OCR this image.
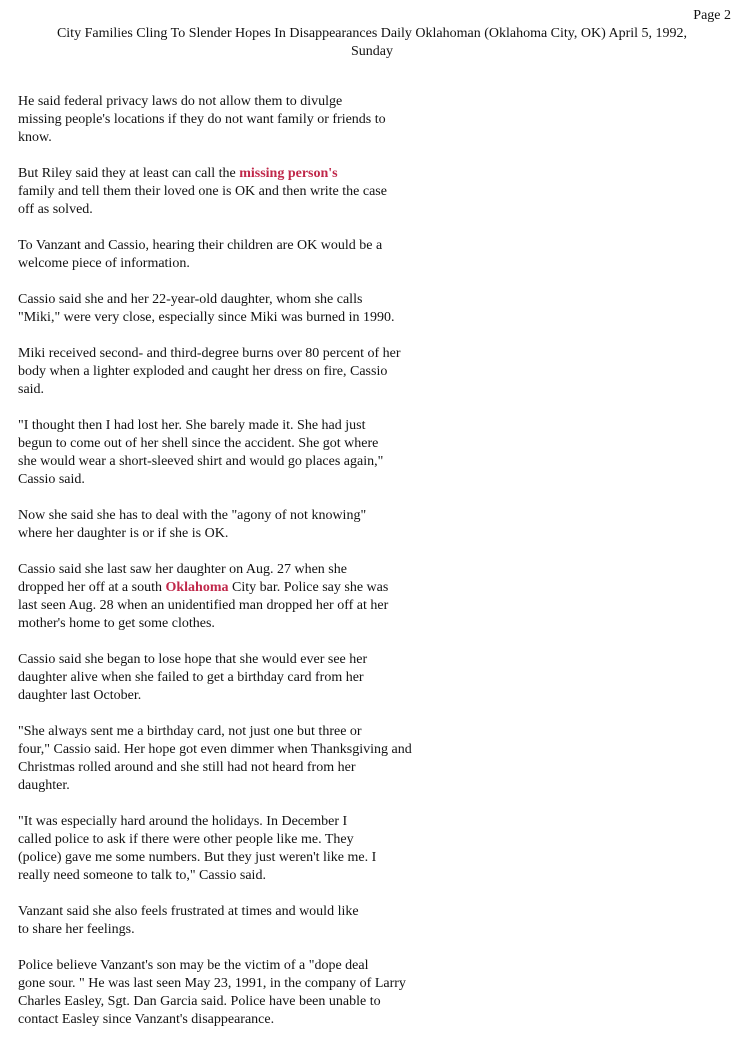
Page 2
City Families Cling To Slender Hopes In Disappearances Daily Oklahoman (Oklahoma City, OK) April 5, 1992,
Sunday

He said federal privacy laws do not allow them to divulge
missing people's locations if they do not want family or friends to
know.

But Riley said they at least can call the missing person's
family and tell them their loved one is OK and then write the case
off as solved.

To Vanzant and Cassio, hearing their children are OK would be a
welcome piece of information.

Cassio said she and her 22-year-old daughter, whom she calls
"Miki," were very close, especially since Miki was burned in 1990.

Miki received second- and third-degree burns over 80 percent of her
body when a lighter exploded and caught her dress on fire, Cassio
said.

"I thought then I had lost her. She barely made it. She had just
begun to come out of her shell since the accident. She got where
she would wear a short-sleeved shirt and would go places again,"
Cassio said.

Now she said she has to deal with the "agony of not knowing"
where her daughter is or if she is OK.

Cassio said she last saw her daughter on Aug. 27 when she
dropped her off at a south Oklahoma City bar. Police say she was
last seen Aug. 28 when an unidentified man dropped her off at her
mother's home to get some clothes.

Cassio said she began to lose hope that she would ever see her
daughter alive when she failed to get a birthday card from her
daughter last October.

"She always sent me a birthday card, not just one but three or
four," Cassio said. Her hope got even dimmer when Thanksgiving and
Christmas rolled around and she still had not heard from her
daughter.

"It was especially hard around the holidays. In December I
called police to ask if there were other people like me. They
(police) gave me some numbers. But they just weren't like me. I
really need someone to talk to," Cassio said.

Vanzant said she also feels frustrated at times and would like
to share her feelings.

Police believe Vanzant's son may be the victim of a "dope deal
gone sour. " He was last seen May 23, 1991, in the company of Larry
Charles Easley, Sgt. Dan Garcia said. Police have been unable to
contact Easley since Vanzant's disappearance.
